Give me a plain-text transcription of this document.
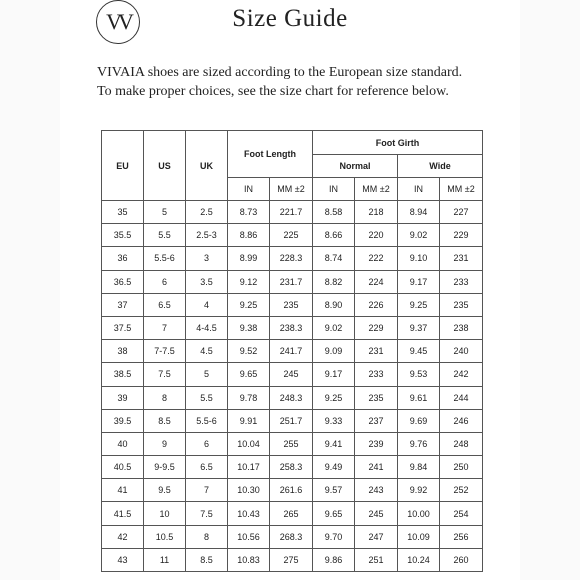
VV	Size Guide
VIVAIA shoes are sized according to the European size standard.
To make proper choices, see the size chart for reference below.
EU	US	UK	Foot Length		Foot Girth			
					Normal		Wide	
			IN	MM ±2	IN	MM ±2	IN	MM ±2
35	5	2.5	8.73	221.7	8.58	218	8.94	227
35.5	5.5	2.5-3	8.86	225	8.66	220	9.02	229
36	5.5-6	3	8.99	228.3	8.74	222	9.10	231
36.5	6	3.5	9.12	231.7	8.82	224	9.17	233
37	6.5	4	9.25	235	8.90	226	9.25	235
37.5	7	4-4.5	9.38	238.3	9.02	229	9.37	238
38	7-7.5	4.5	9.52	241.7	9.09	231	9.45	240
38.5	7.5	5	9.65	245	9.17	233	9.53	242
39	8	5.5	9.78	248.3	9.25	235	9.61	244
39.5	8.5	5.5-6	9.91	251.7	9.33	237	9.69	246
40	9	6	10.04	255	9.41	239	9.76	248
40.5	9-9.5	6.5	10.17	258.3	9.49	241	9.84	250
41	9.5	7	10.30	261.6	9.57	243	9.92	252
41.5	10	7.5	10.43	265	9.65	245	10.00	254
42	10.5	8	10.56	268.3	9.70	247	10.09	256
43	11	8.5	10.83	275	9.86	251	10.24	260
